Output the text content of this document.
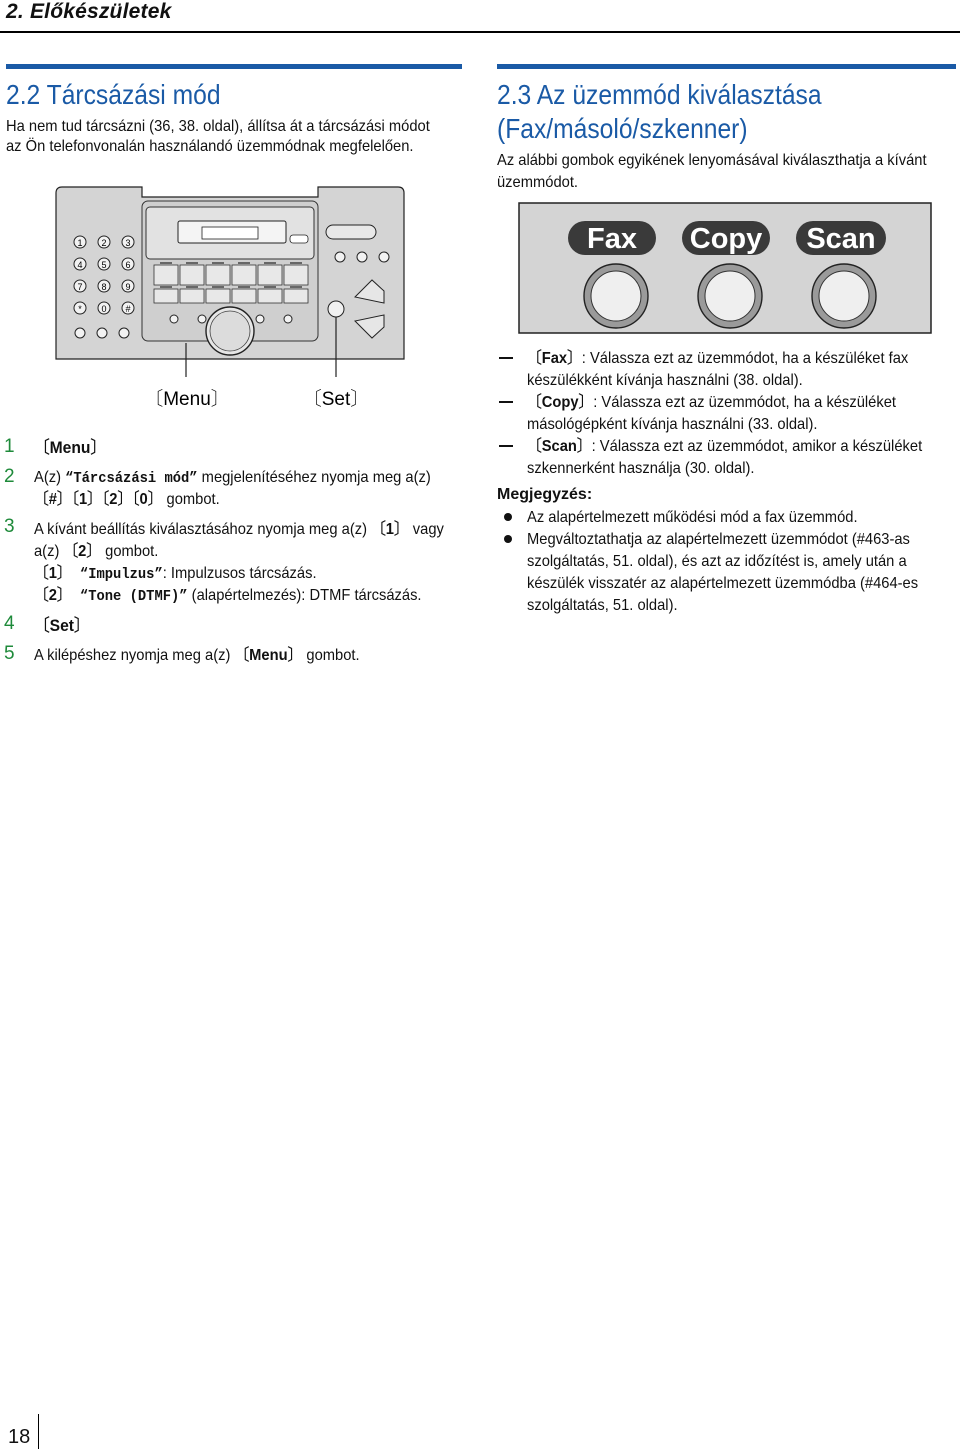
2. Előkészületek
2.2 Tárcsázási mód
Ha nem tud tárcsázni (36, 38. oldal), állítsa át a tárcsázási módot
az Ön telefonvonalán használandó üzemmódnak megfelelően.
1 2 3
4 5 6
7 8 9
* 0 #
〔Menu〕	〔Set〕
1 〔Menu〕
2 A(z) “Tárcsázási mód” megjelenítéséhez nyomja meg a(z)
〔#〕〔1〕〔2〕〔0〕 gombot.
3 A kívánt beállítás kiválasztásához nyomja meg a(z) 〔1〕 vagy
a(z) 〔2〕 gombot.
〔1〕 “Impulzus”: Impulzusos tárcsázás.
〔2〕 “Tone (DTMF)” (alapértelmezés): DTMF tárcsázás.
4 〔Set〕
5 A kilépéshez nyomja meg a(z) 〔Menu〕 gombot.
2.3 Az üzemmód kiválasztása
(Fax/másoló/szkenner)
Az alábbi gombok egyikének lenyomásával kiválaszthatja a kívánt
üzemmódot.
Fax Copy Scan
〔Fax〕: Válassza ezt az üzemmódot, ha a készüléket fax
készülékként kívánja használni (38. oldal).
〔Copy〕: Válassza ezt az üzemmódot, ha a készüléket
másológépként kívánja használni (33. oldal).
〔Scan〕: Válassza ezt az üzemmódot, amikor a készüléket
szkennerként használja (30. oldal).
Megjegyzés:
Az alapértelmezett működési mód a fax üzemmód.
Megváltoztathatja az alapértelmezett üzemmódot (#463-as
szolgáltatás, 51. oldal), és azt az időzítést is, amely után a
készülék visszatér az alapértelmezett üzemmódba (#464-es
szolgáltatás, 51. oldal).
18
